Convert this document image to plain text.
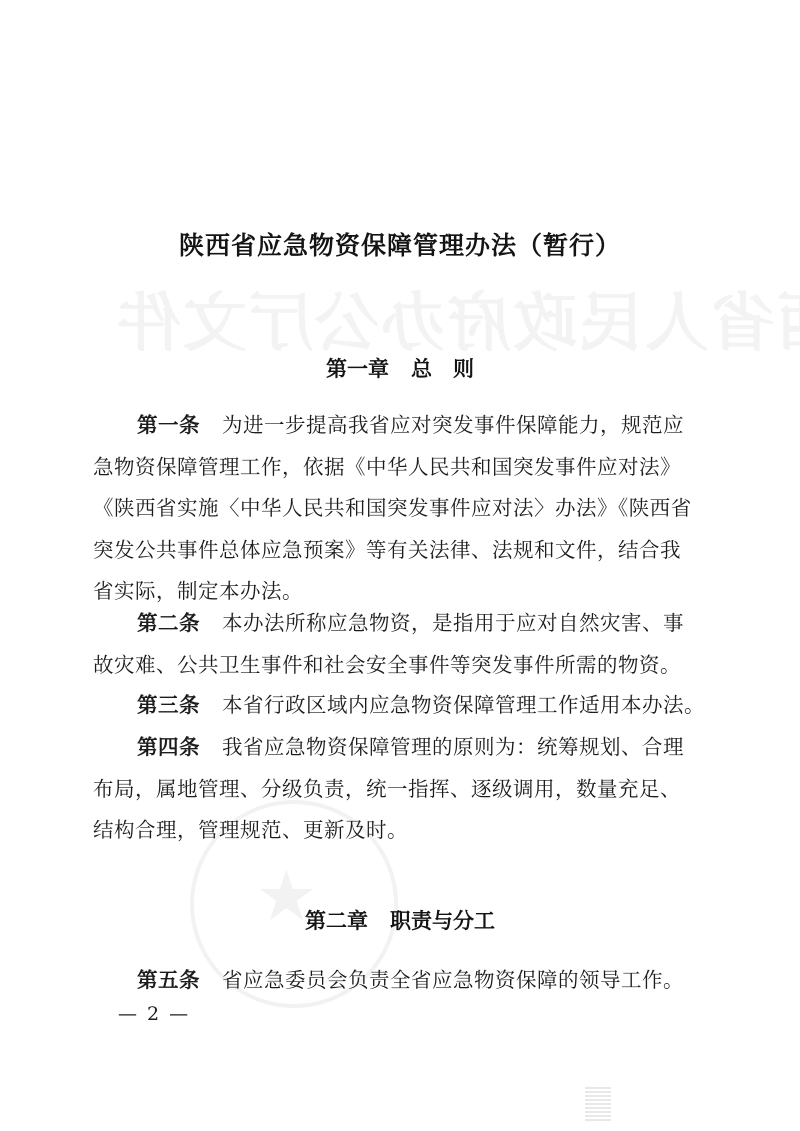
★
陕西省应急物资保障管理办法（暂行）
第一章 总　则
第一条 为进一步提高我省应对突发事件保障能力，规范应
急物资保障管理工作，依据《中华人民共和国突发事件应对法》
《陕西省实施〈中华人民共和国突发事件应对法〉办法》《陕西省
突发公共事件总体应急预案》等有关法律、法规和文件，结合我
省实际，制定本办法。
第二条 本办法所称应急物资，是指用于应对自然灾害、事
故灾难、公共卫生事件和社会安全事件等突发事件所需的物资。
第三条 本省行政区域内应急物资保障管理工作适用本办法。
第四条 我省应急物资保障管理的原则为：统筹规划、合理
布局，属地管理、分级负责，统一指挥、逐级调用，数量充足、
结构合理，管理规范、更新及时。
第二章 职责与分工
第五条 省应急委员会负责全省应急物资保障的领导工作。
— 2 —
